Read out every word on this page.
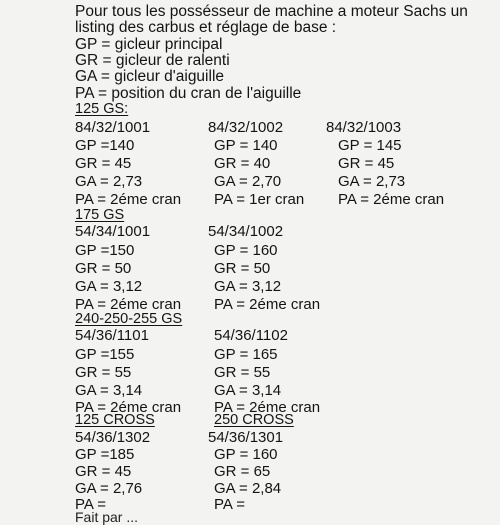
Pour tous les possésseur de machine a moteur Sachs un
listing des carbus et réglage de base :
GP = gicleur principal
GR = gicleur de ralenti
GA = gicleur d'aiguille
PA = position du cran de l'aiguille
125 GS:
84/32/1001
GP =140
GR = 45
GA = 2,73
PA = 2éme cran
84/32/1002
GP = 140
GR = 40
GA = 2,70
PA = 1er cran
84/32/1003
GP = 145
GR = 45
GA = 2,73
PA = 2éme cran
175 GS
54/34/1001
GP =150
GR = 50
GA = 3,12
PA = 2éme cran
54/34/1002
GP = 160
GR = 50
GA = 3,12
PA = 2éme cran
240-250-255 GS
54/36/1101
GP =155
GR = 55
GA = 3,14
PA = 2éme cran
54/36/1102
GP = 165
GR = 55
GA = 3,14
PA = 2éme cran
125 CROSS	250 CROSS
54/36/1302
GP =185
GR = 45
GA = 2,76
PA =
54/36/1301
GP = 160
GR = 65
GA = 2,84
PA =
Fait par ...
